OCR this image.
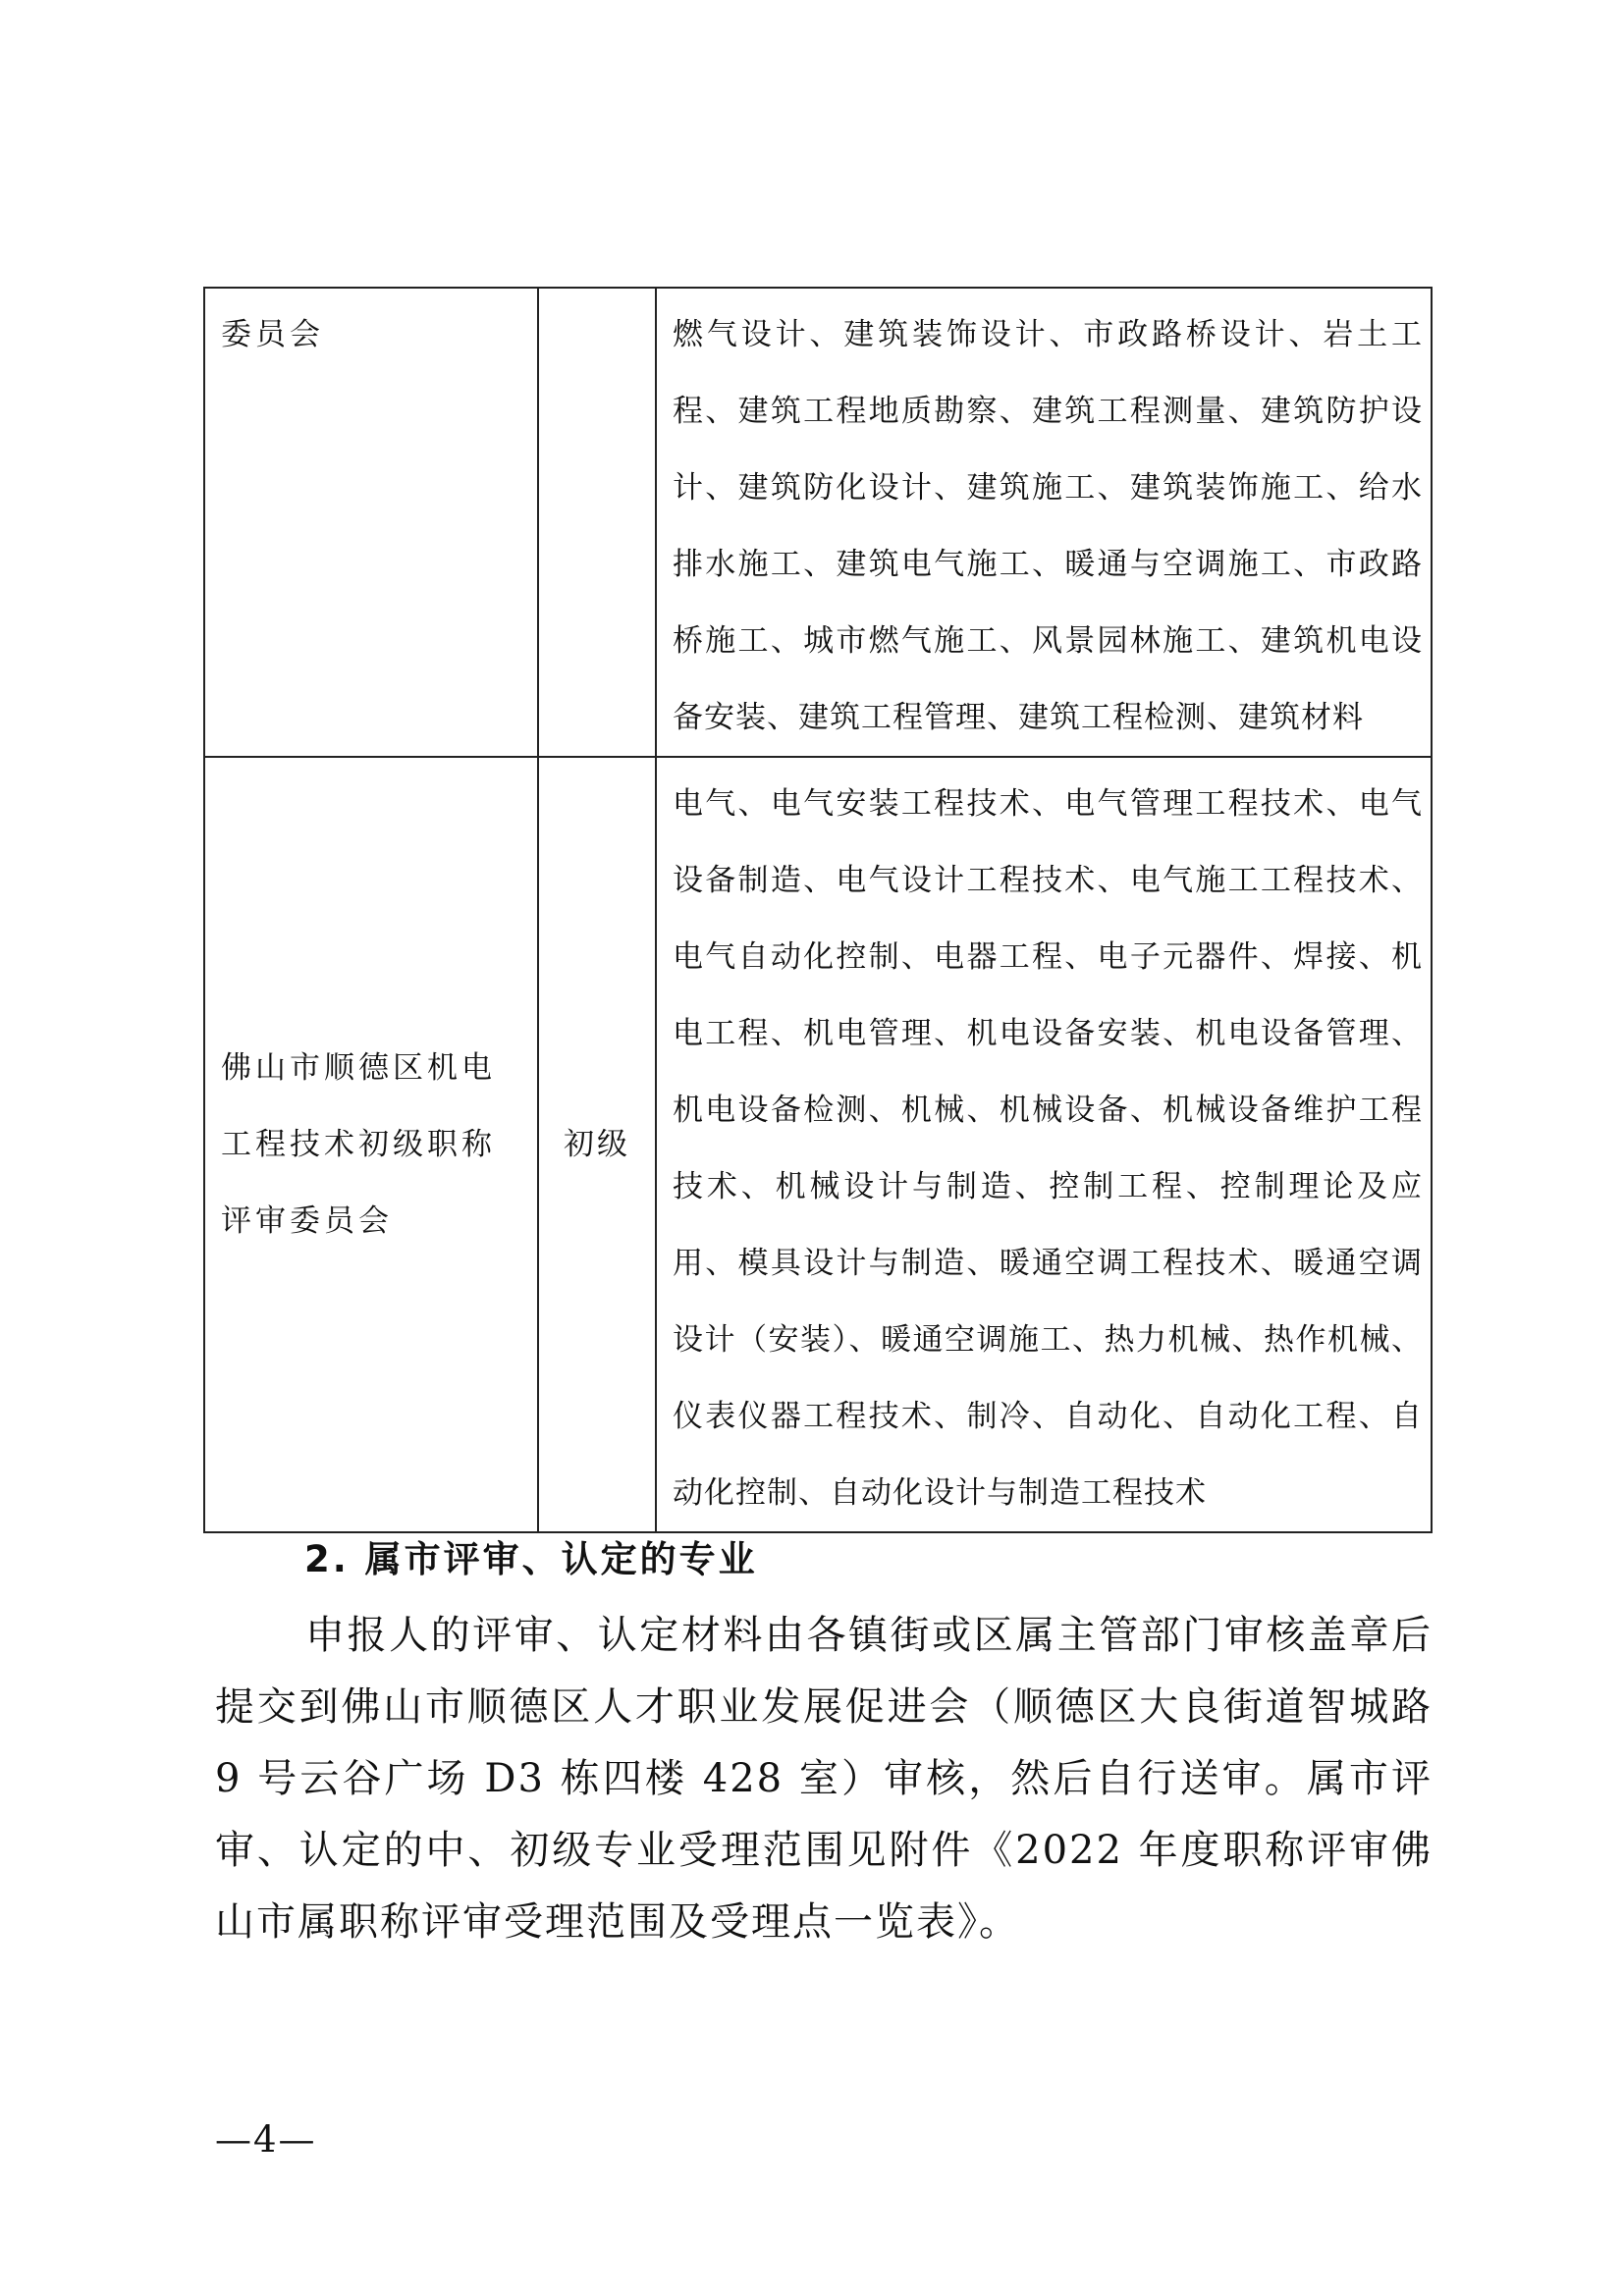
委员会		燃气设计、建筑装饰设计、市政路桥设计、岩土工程、建筑工程地质勘察、建筑工程测量、建筑防护设计、建筑防化设计、建筑施工、建筑装饰施工、给水排水施工、建筑电气施工、暖通与空调施工、市政路桥施工、城市燃气施工、风景园林施工、建筑机电设备安装、建筑工程管理、建筑工程检测、建筑材料

佛山市顺德区机电工程技术初级职称评审委员会	初级	电气、电气安装工程技术、电气管理工程技术、电气设备制造、电气设计工程技术、电气施工工程技术、电气自动化控制、电器工程、电子元器件、焊接、机电工程、机电管理、机电设备安装、机电设备管理、机电设备检测、机械、机械设备、机械设备维护工程技术、机械设计与制造、控制工程、控制理论及应用、模具设计与制造、暖通空调工程技术、暖通空调设计（安装）、暖通空调施工、热力机械、热作机械、仪表仪器工程技术、制冷、自动化、自动化工程、自动化控制、自动化设计与制造工程技术
2. 属市评审、认定的专业

申报人的评审、认定材料由各镇街或区属主管部门审核盖章后提交到佛山市顺德区人才职业发展促进会（顺德区大良街道智城路 9 号云谷广场 D3 栋四楼 428 室）审核，然后自行送审。属市评审、认定的中、初级专业受理范围见附件《2022 年度职称评审佛山市属职称评审受理范围及受理点一览表》。

—4—
